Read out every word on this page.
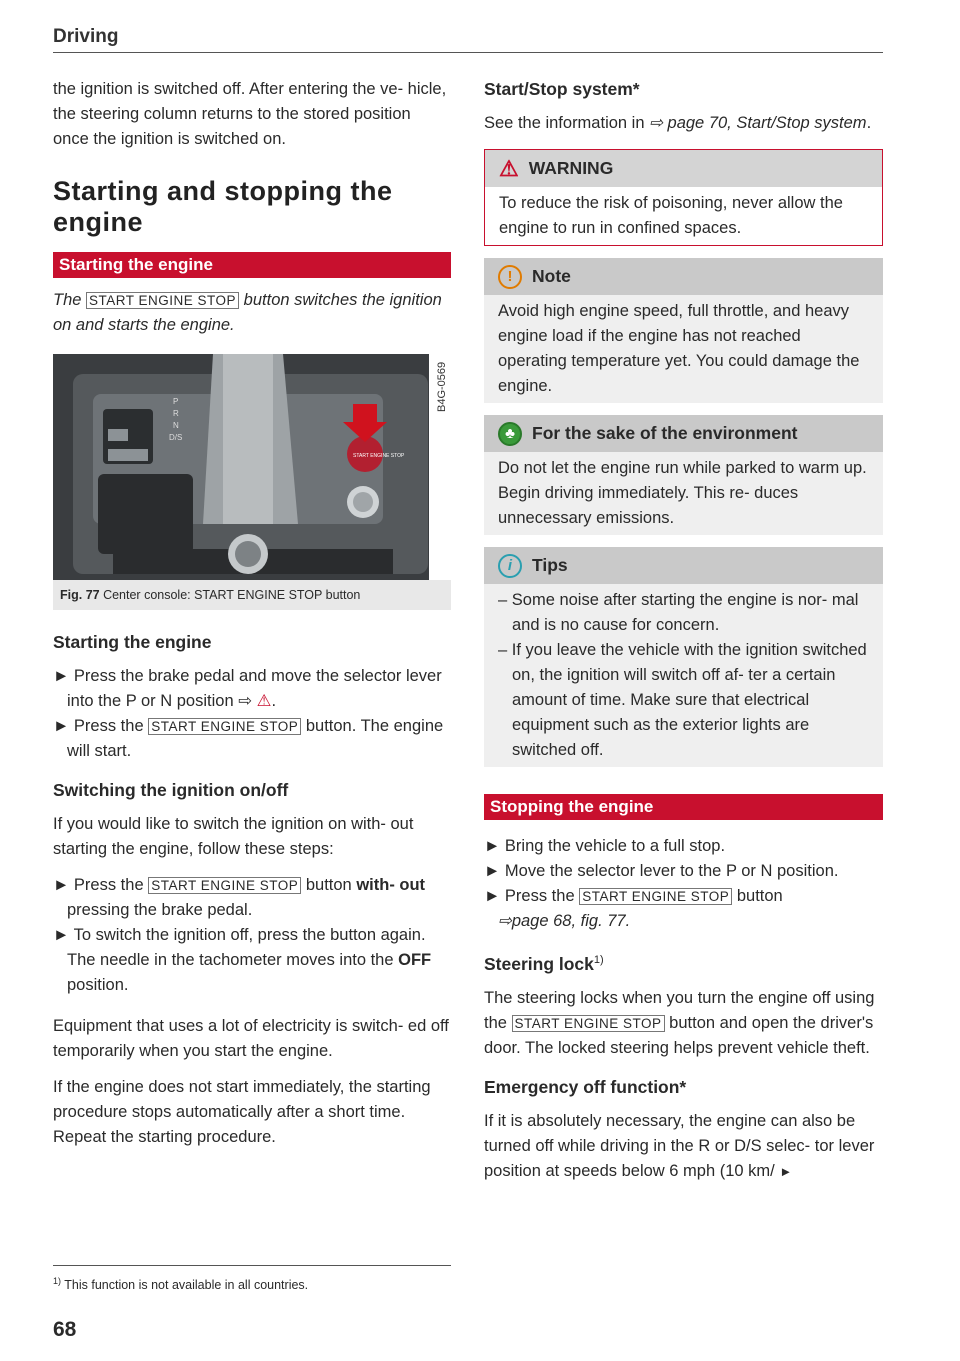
Driving

the ignition is switched off. After entering the ve- hicle, the steering column returns to the stored position once the ignition is switched on.

Starting and stopping the engine
Starting the engine

The START ENGINE STOP button switches the ignition on and starts the engine.

P
R
N
D/S
START ENGINE STOP
B4G-0569
Fig. 77 Center console: START ENGINE STOP button
Starting the engine

► Press the brake pedal and move the selector lever into the P or N position ⇨ ⚠.

► Press the START ENGINE STOP button. The engine will start.

Switching the ignition on/off

If you would like to switch the ignition on with- out starting the engine, follow these steps:

► Press the START ENGINE STOP button with- out pressing the brake pedal.

► To switch the ignition off, press the button again. The needle in the tachometer moves into the OFF position.

Equipment that uses a lot of electricity is switch- ed off temporarily when you start the engine.

If the engine does not start immediately, the starting procedure stops automatically after a short time. Repeat the starting procedure.

Start/Stop system*

See the information in ⇨ page 70, Start/Stop system.

⚠ WARNING
To reduce the risk of poisoning, never allow the engine to run in confined spaces.
!	Note
Avoid high engine speed, full throttle, and heavy engine load if the engine has not reached operating temperature yet. You could damage the engine.
♣ For the sake of the environment
Do not let the engine run while parked to warm up. Begin driving immediately. This re- duces unnecessary emissions.
i	Tips

– Some noise after starting the engine is nor- mal and is no cause for concern.

– If you leave the vehicle with the ignition switched on, the ignition will switch off af- ter a certain amount of time. Make sure that electrical equipment such as the exterior lights are switched off.

Stopping the engine

► Bring the vehicle to a full stop.

► Move the selector lever to the P or N position.

► Press the START ENGINE STOP button
⇨page 68, fig. 77.

Steering lock$^{1)}$

The steering locks when you turn the engine off using the START ENGINE STOP button and open the driver's door. The locked steering helps prevent vehicle theft.

Emergency off function*

If it is absolutely necessary, the engine can also be turned off while driving in the R or D/S selec- tor lever position at speeds below 6 mph (10 km/ ►

$^{1)}$ This function is not available in all countries.
68
